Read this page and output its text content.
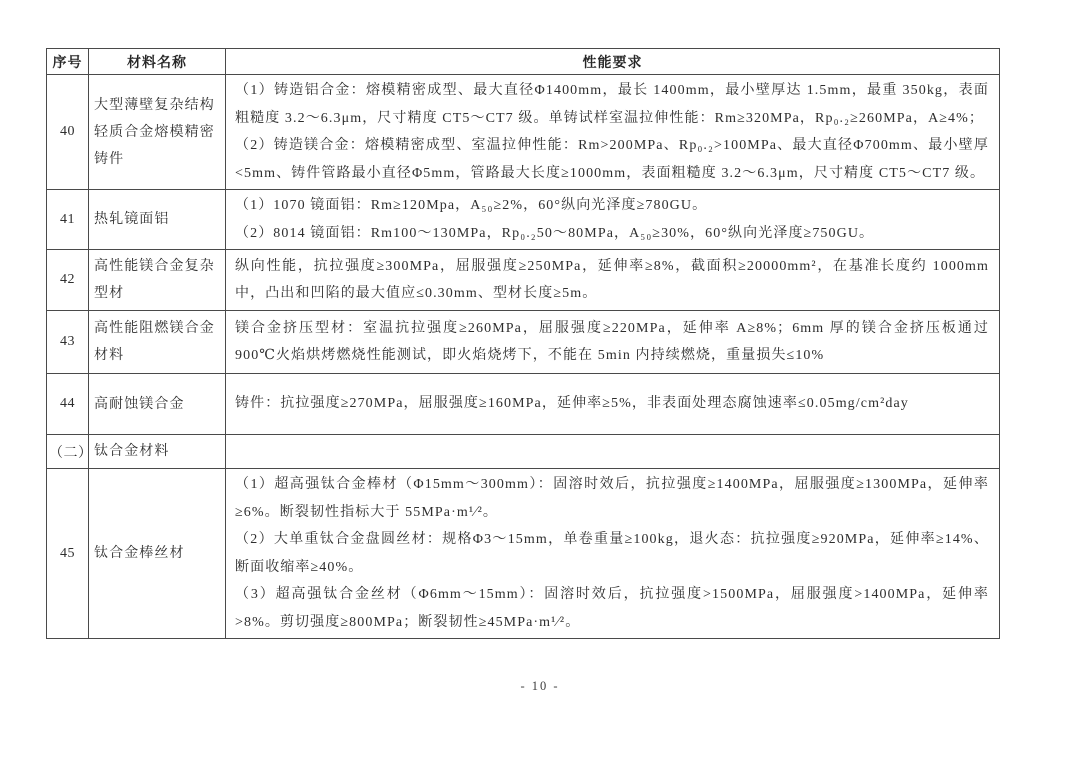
序号	材料名称	性能要求
40	大型薄壁复杂结构轻质合金熔模精密铸件	（1）铸造铝合金：熔模精密成型、最大直径Φ1400mm，最长 1400mm，最小壁厚达 1.5mm，最重 350kg，表面粗糙度 3.2～6.3μm，尺寸精度 CT5～CT7 级。单铸试样室温拉伸性能：Rm≥320MPa，Rp₀.₂≥260MPa，A≥4%；
（2）铸造镁合金：熔模精密成型、室温拉伸性能：Rm>200MPa、Rp₀.₂>100MPa、最大直径Φ700mm、最小壁厚<5mm、铸件管路最小直径Φ5mm，管路最大长度≥1000mm，表面粗糙度 3.2～6.3μm，尺寸精度 CT5～CT7 级。

41	热轧镜面铝	（1）1070 镜面铝：Rm≥120Mpa，A₅₀≥2%，60°纵向光泽度≥780GU。
（2）8014 镜面铝：Rm100～130MPa，Rp₀.₂50～80MPa，A₅₀≥30%，60°纵向光泽度≥750GU。

42	高性能镁合金复杂型材	纵向性能，抗拉强度≥300MPa，屈服强度≥250MPa，延伸率≥8%，截面积≥20000mm²，在基准长度约 1000mm 中，凸出和凹陷的最大值应≤0.30mm、型材长度≥5m。

43	高性能阻燃镁合金材料	镁合金挤压型材：室温抗拉强度≥260MPa，屈服强度≥220MPa，延伸率 A≥8%；6mm 厚的镁合金挤压板通过 900℃火焰烘烤燃烧性能测试，即火焰烧烤下，不能在 5min 内持续燃烧，重量损失≤10%

44	高耐蚀镁合金	铸件：抗拉强度≥270MPa，屈服强度≥160MPa，延伸率≥5%，非表面处理态腐蚀速率≤0.05mg/cm²day

（二）	钛合金材料	
45	钛合金棒丝材	（1）超高强钛合金棒材（Φ15mm～300mm）：固溶时效后，抗拉强度≥1400MPa，屈服强度≥1300MPa，延伸率≥6%。断裂韧性指标大于 55MPa·m¹⁄²。
（2）大单重钛合金盘圆丝材：规格Φ3～15mm，单卷重量≥100kg，退火态：抗拉强度≥920MPa，延伸率≥14%、断面收缩率≥40%。
（3）超高强钛合金丝材（Φ6mm～15mm）：固溶时效后，抗拉强度>1500MPa，屈服强度>1400MPa，延伸率>8%。剪切强度≥800MPa；断裂韧性≥45MPa·m¹⁄²。
- 10 -
